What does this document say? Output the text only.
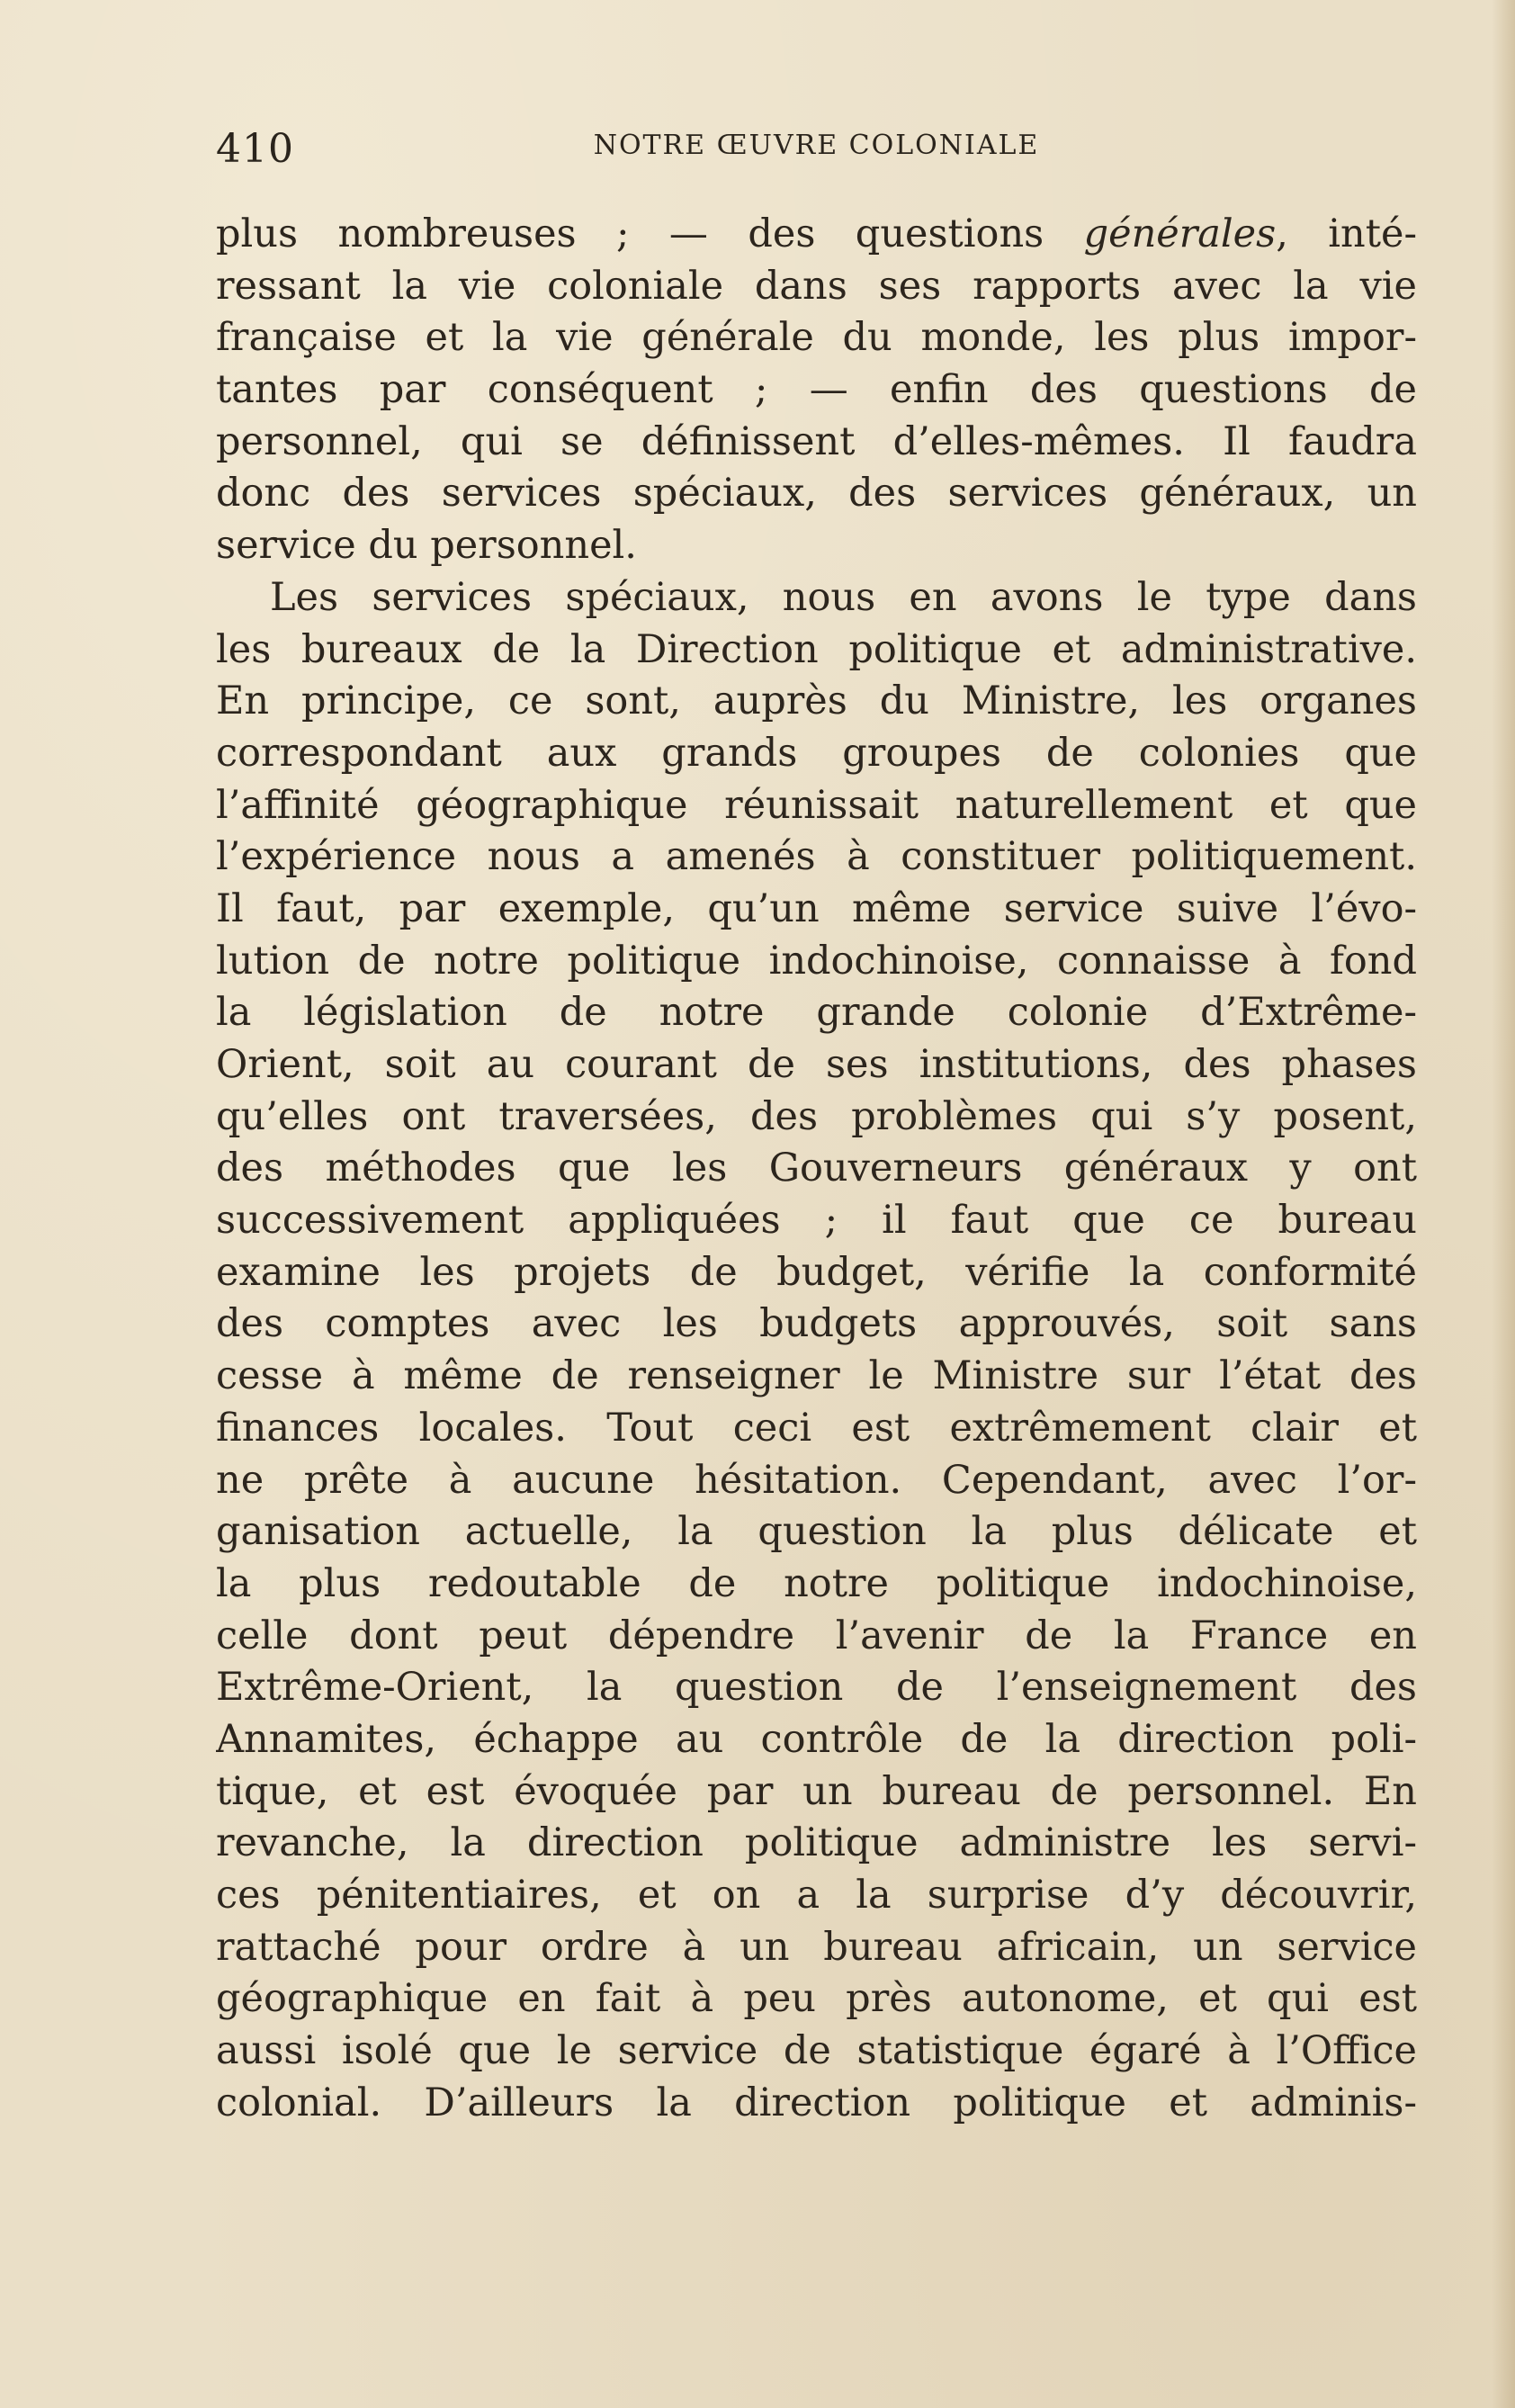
410	NOTRE ŒUVRE COLONIALE
plus nombreuses ; — des questions générales, inté-
ressant la vie coloniale dans ses rapports avec la vie
française et la vie générale du monde, les plus impor-
tantes par conséquent ; — enfin des questions de
personnel, qui se définissent d’elles-mêmes. Il faudra
donc des services spéciaux, des services généraux, un
service du personnel.
Les services spéciaux, nous en avons le type dans
les bureaux de la Direction politique et administrative.
En principe, ce sont, auprès du Ministre, les organes
correspondant aux grands groupes de colonies que
l’affinité géographique réunissait naturellement et que
l’expérience nous a amenés à constituer politiquement.
Il faut, par exemple, qu’un même service suive l’évo-
lution de notre politique indochinoise, connaisse à fond
la législation de notre grande colonie d’Extrême-
Orient, soit au courant de ses institutions, des phases
qu’elles ont traversées, des problèmes qui s’y posent,
des méthodes que les Gouverneurs généraux y ont
successivement appliquées ; il faut que ce bureau
examine les projets de budget, vérifie la conformité
des comptes avec les budgets approuvés, soit sans
cesse à même de renseigner le Ministre sur l’état des
finances locales. Tout ceci est extrêmement clair et
ne prête à aucune hésitation. Cependant, avec l’or-
ganisation actuelle, la question la plus délicate et
la plus redoutable de notre politique indochinoise,
celle dont peut dépendre l’avenir de la France en
Extrême-Orient, la question de l’enseignement des
Annamites, échappe au contrôle de la direction poli-
tique, et est évoquée par un bureau de personnel. En
revanche, la direction politique administre les servi-
ces pénitentiaires, et on a la surprise d’y découvrir,
rattaché pour ordre à un bureau africain, un service
géographique en fait à peu près autonome, et qui est
aussi isolé que le service de statistique égaré à l’Office
colonial. D’ailleurs la direction politique et adminis-
